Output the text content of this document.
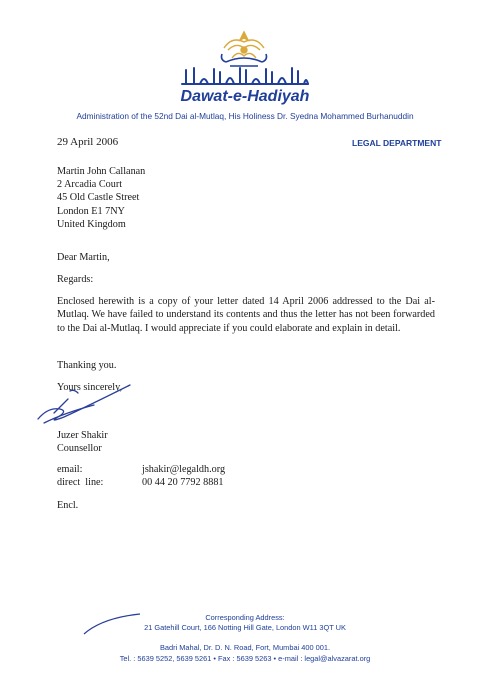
Dawat-e-Hadiyah
Administration of the 52nd Dai al-Mutlaq, His Holiness Dr. Syedna Mohammed Burhanuddin
29 April 2006	LEGAL DEPARTMENT
Martin John Callanan
2 Arcadia Court
45 Old Castle Street
London E1 7NY
United Kingdom
Dear Martin,
Regards:
Enclosed herewith is a copy of your letter dated 14 April 2006 addressed to the Dai al-Mutlaq. We have failed to understand its contents and thus the letter has not been forwarded to the Dai al-Mutlaq. I would appreciate if you could elaborate and explain in detail.
Thanking you.
Yours sincerely,
Juzer Shakir
Counsellor
email:	jshakir@legaldh.org
direct  line:	00 44 20 7792 8881
Encl.
Corresponding Address:
21 Gatehill Court, 166 Notting Hill Gate, London W11 3QT UK
Badri Mahal, Dr. D. N. Road, Fort, Mumbai 400 001.
Tel. : 5639 5252, 5639 5261 • Fax : 5639 5263 • e-mail : legal@alvazarat.org
